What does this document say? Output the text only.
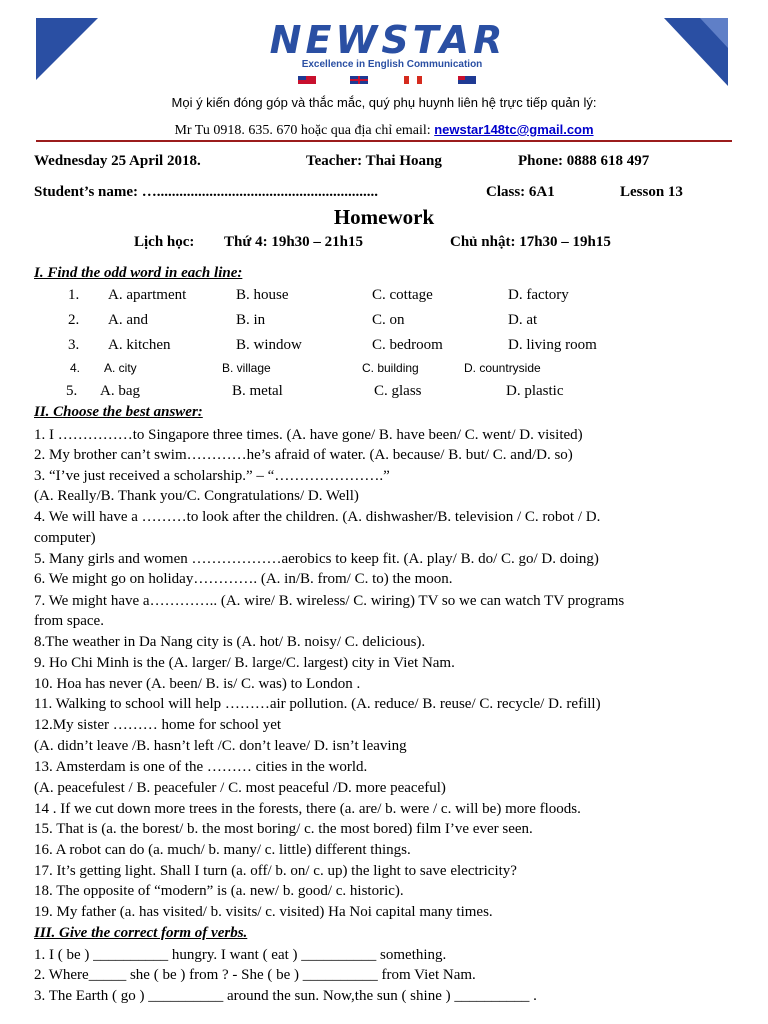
NEWSTAR
Excellence in English Communication
Mọi ý kiến đóng góp và thắc mắc, quý phụ huynh liên hệ trực tiếp quản lý:
Mr Tu 0918. 635. 670 hoặc qua địa chỉ email: newstar148tc@gmail.com
Wednesday 25 April 2018.	Teacher: Thai Hoang	Phone: 0888 618 497
Student’s name: …...........................................................	Class: 6A1	Lesson 13
Homework
Lịch học: Thứ 4: 19h30 – 21h15	Chủ nhật: 17h30 – 19h15
I. Find the odd word in each line:
1. A. apartment	B. house	C. cottage	D. factory
2. A. and	B. in	C. on	D. at
3. A. kitchen	B. window	C. bedroom	D. living room
4. A. city	B. village	C. building	D. countryside
5. A. bag	B. metal	C. glass	D. plastic
II. Choose the best answer:
1. I ……………to Singapore three times. (A. have gone/ B. have been/ C. went/ D. visited)
2. My brother can’t swim…………he’s afraid of water. (A. because/ B. but/ C. and/D. so)
3. “I’ve just received a scholarship.” – “………………….”
(A. Really/B. Thank you/C. Congratulations/ D. Well)
4. We will have a ………to look after the children. (A. dishwasher/B. television / C. robot / D.
computer)
5. Many girls and women ………………aerobics to keep fit. (A. play/ B. do/ C. go/ D. doing)
6. We might go on holiday…………. (A. in/B. from/ C. to) the moon.
7. We might have a………….. (A. wire/ B. wireless/ C. wiring) TV so we can watch TV programs
from space.
8.The weather in Da Nang city is (A. hot/ B. noisy/ C. delicious).
9. Ho Chi Minh is the (A. larger/ B. large/C. largest) city in Viet Nam.
10. Hoa has never (A. been/ B. is/ C. was) to London .
11. Walking to school will help ………air pollution. (A. reduce/ B. reuse/ C. recycle/ D. refill)
12.My sister ……… home for school yet
(A. didn’t leave /B. hasn’t left /C. don’t leave/ D. isn’t leaving
13. Amsterdam is one of the ……… cities in the world.
(A. peacefulest / B. peacefuler / C. most peaceful /D. more peaceful)
14 . If we cut down more trees in the forests, there (a. are/ b. were / c. will be) more floods.
15. That is (a. the borest/ b. the most boring/ c. the most bored) film I’ve ever seen.
16. A robot can do (a. much/ b. many/ c. little) different things.
17. It’s getting light. Shall I turn (a. off/ b. on/ c. up) the light to save electricity?
18. The opposite of “modern” is (a. new/ b. good/ c. historic).
19. My father (a. has visited/ b. visits/ c. visited) Ha Noi capital many times.
III. Give the correct form of verbs.
1. I ( be ) __________ hungry. I want ( eat ) __________ something.
2. Where_____ she ( be ) from ? - She ( be ) __________ from Viet Nam.
3. The Earth ( go ) __________ around the sun. Now,the sun ( shine ) __________ .
